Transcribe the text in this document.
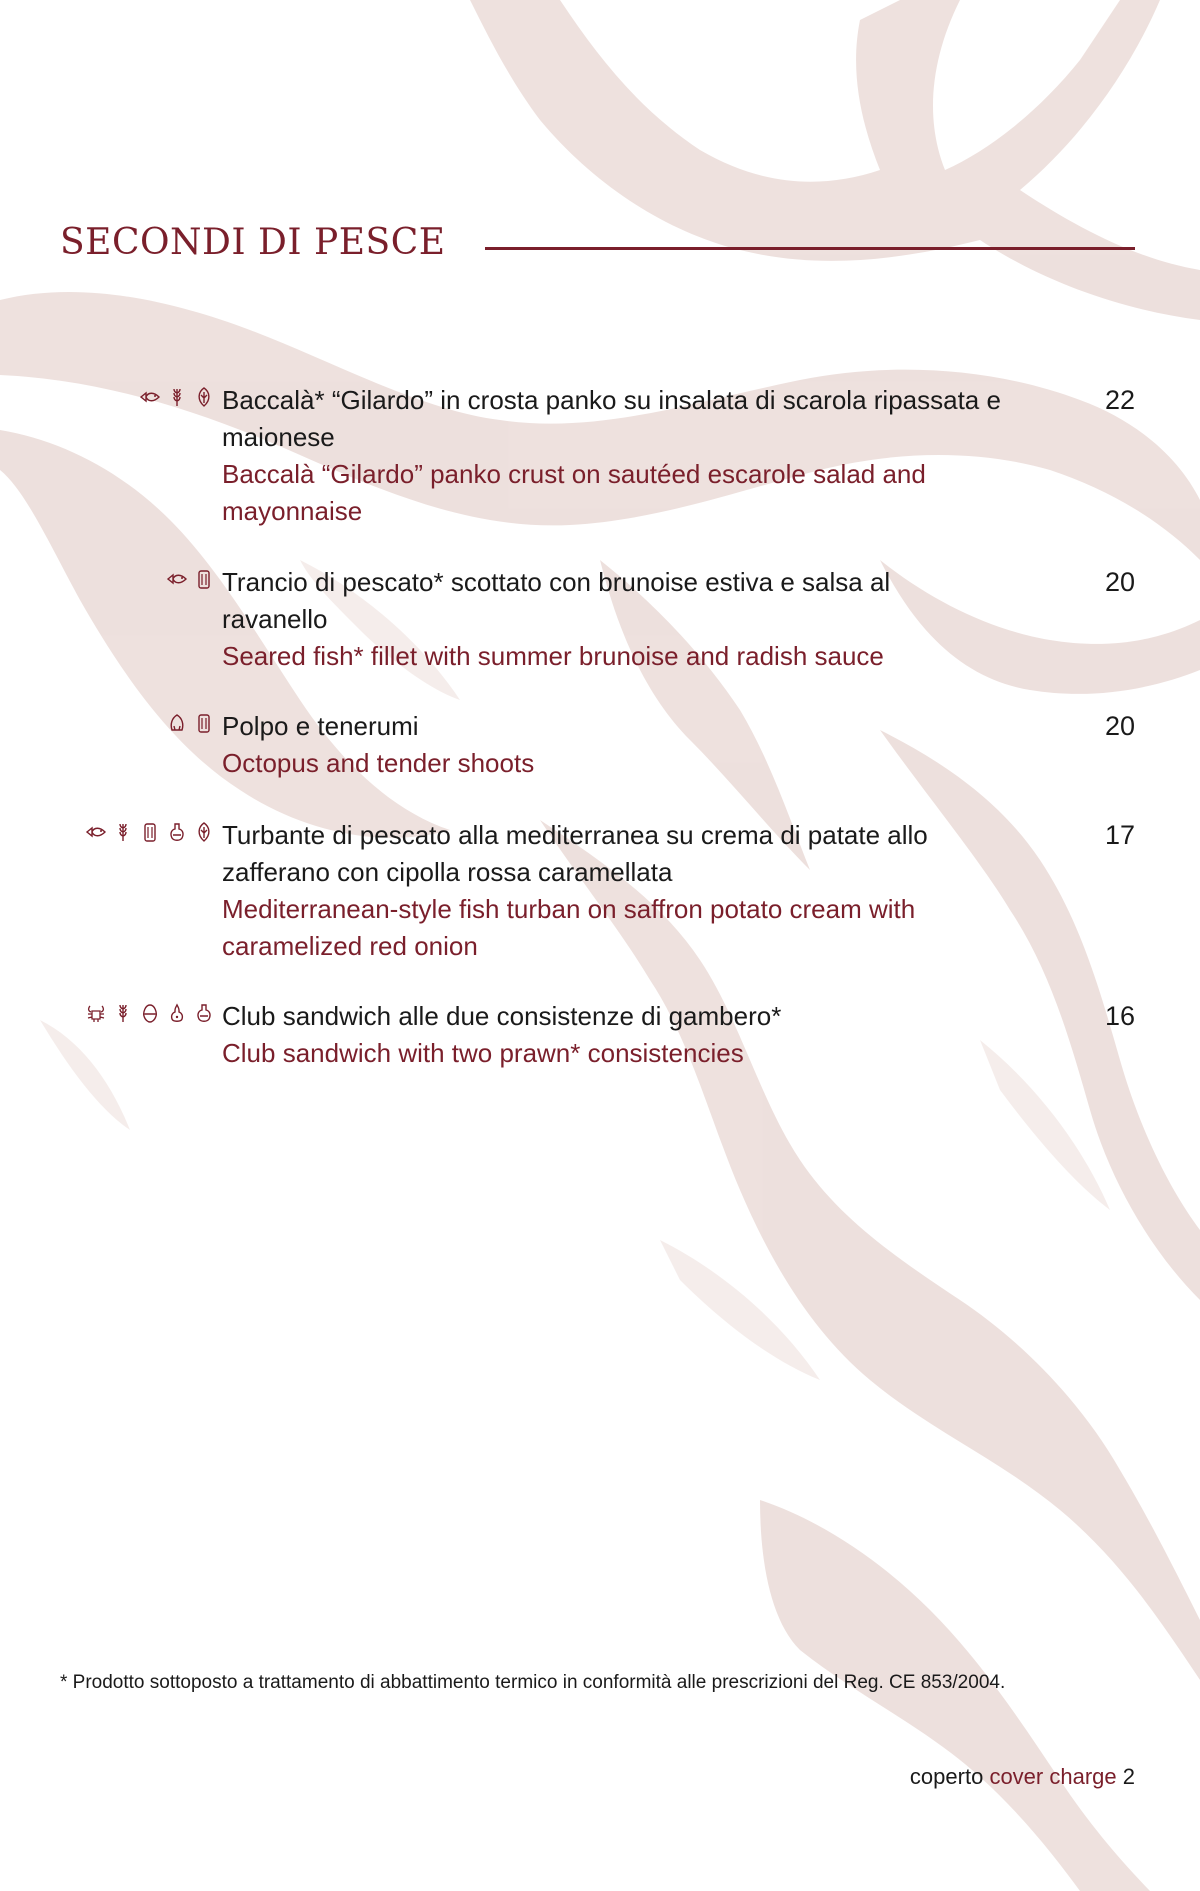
SECONDI DI PESCE
Baccalà* “Gilardo” in crosta panko su insalata di scarola ripassata e maionese
Baccalà “Gilardo” panko crust on sautéed escarole salad and mayonnaise
22
Trancio di pescato* scottato con brunoise estiva e salsa al ravanello
Seared fish* fillet with summer brunoise and radish sauce
20
Polpo e tenerumi
Octopus and tender shoots
20
Turbante di pescato alla mediterranea su crema di patate allo zafferano con cipolla rossa caramellata
Mediterranean-style fish turban on saffron potato cream with caramelized red onion
17
Club sandwich alle due consistenze di gambero*
Club sandwich with two prawn* consistencies
16
* Prodotto sottoposto a trattamento di abbattimento termico in conformità alle prescrizioni del Reg. CE 853/2004.
coperto cover charge 2
